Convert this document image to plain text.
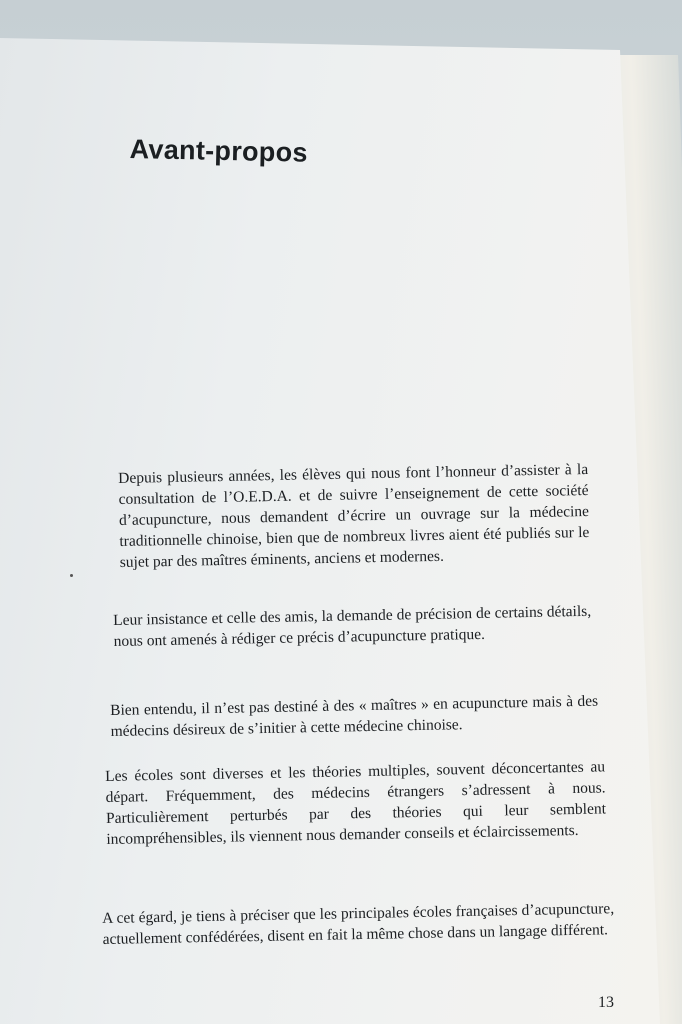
Avant-propos

Depuis plusieurs années, les élèves qui nous font l’honneur d’assister à la consultation de l’O.E.D.A. et de suivre l’enseignement de cette société d’acupuncture, nous demandent d’écrire un ouvrage sur la médecine traditionnelle chinoise, bien que de nombreux livres aient été publiés sur le sujet par des maîtres éminents, anciens et modernes.

Leur insistance et celle des amis, la demande de précision de certains détails, nous ont amenés à rédiger ce précis d’acupuncture pratique.

Bien entendu, il n’est pas destiné à des « maîtres » en acupuncture mais à des médecins désireux de s’initier à cette médecine chinoise.

Les écoles sont diverses et les théories multiples, souvent déconcertantes au départ. Fréquemment, des médecins étrangers s’adressent à nous. Particulièrement perturbés par des théories qui leur semblent incompréhensibles, ils viennent nous demander conseils et éclaircissements.

A cet égard, je tiens à préciser que les principales écoles françaises d’acupuncture, actuellement confédérées, disent en fait la même chose dans un langage différent.

13
